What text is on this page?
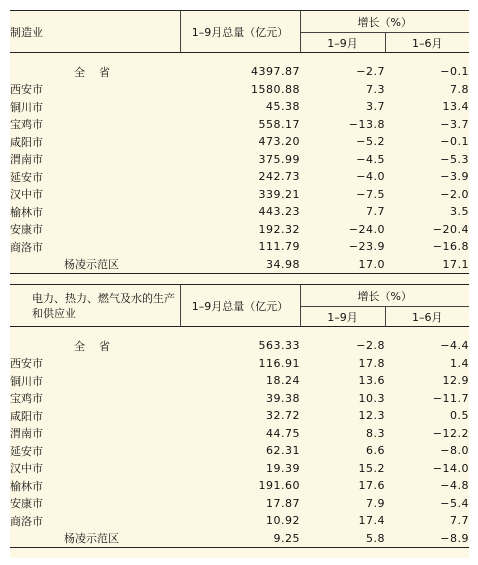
制造业	1–9月总量（亿元）	增长（%）	
		1–9月	1–6月

全省	4397.87	−2.7	−0.1
西安市	1580.88	7.3	7.8
铜川市	45.38	3.7	13.4
宝鸡市	558.17	−13.8	−3.7
咸阳市	473.20	−5.2	−0.1
渭南市	375.99	−4.5	−5.3
延安市	242.73	−4.0	−3.9
汉中市	339.21	−7.5	−2.0
榆林市	443.23	7.7	3.5
安康市	192.32	−24.0	−20.4
商洛市	111.79	−23.9	−16.8
杨凌示范区	34.98	17.0	17.1
电力、热力、燃气及水的生产和供应业	1–9月总量（亿元）	增长（%）	
		1–9月	1–6月

全省	563.33	−2.8	−4.4
西安市	116.91	17.8	1.4
铜川市	18.24	13.6	12.9
宝鸡市	39.38	10.3	−11.7
咸阳市	32.72	12.3	0.5
渭南市	44.75	8.3	−12.2
延安市	62.31	6.6	−8.0
汉中市	19.39	15.2	−14.0
榆林市	191.60	17.6	−4.8
安康市	17.87	7.9	−5.4
商洛市	10.92	17.4	7.7
杨凌示范区	9.25	5.8	−8.9
